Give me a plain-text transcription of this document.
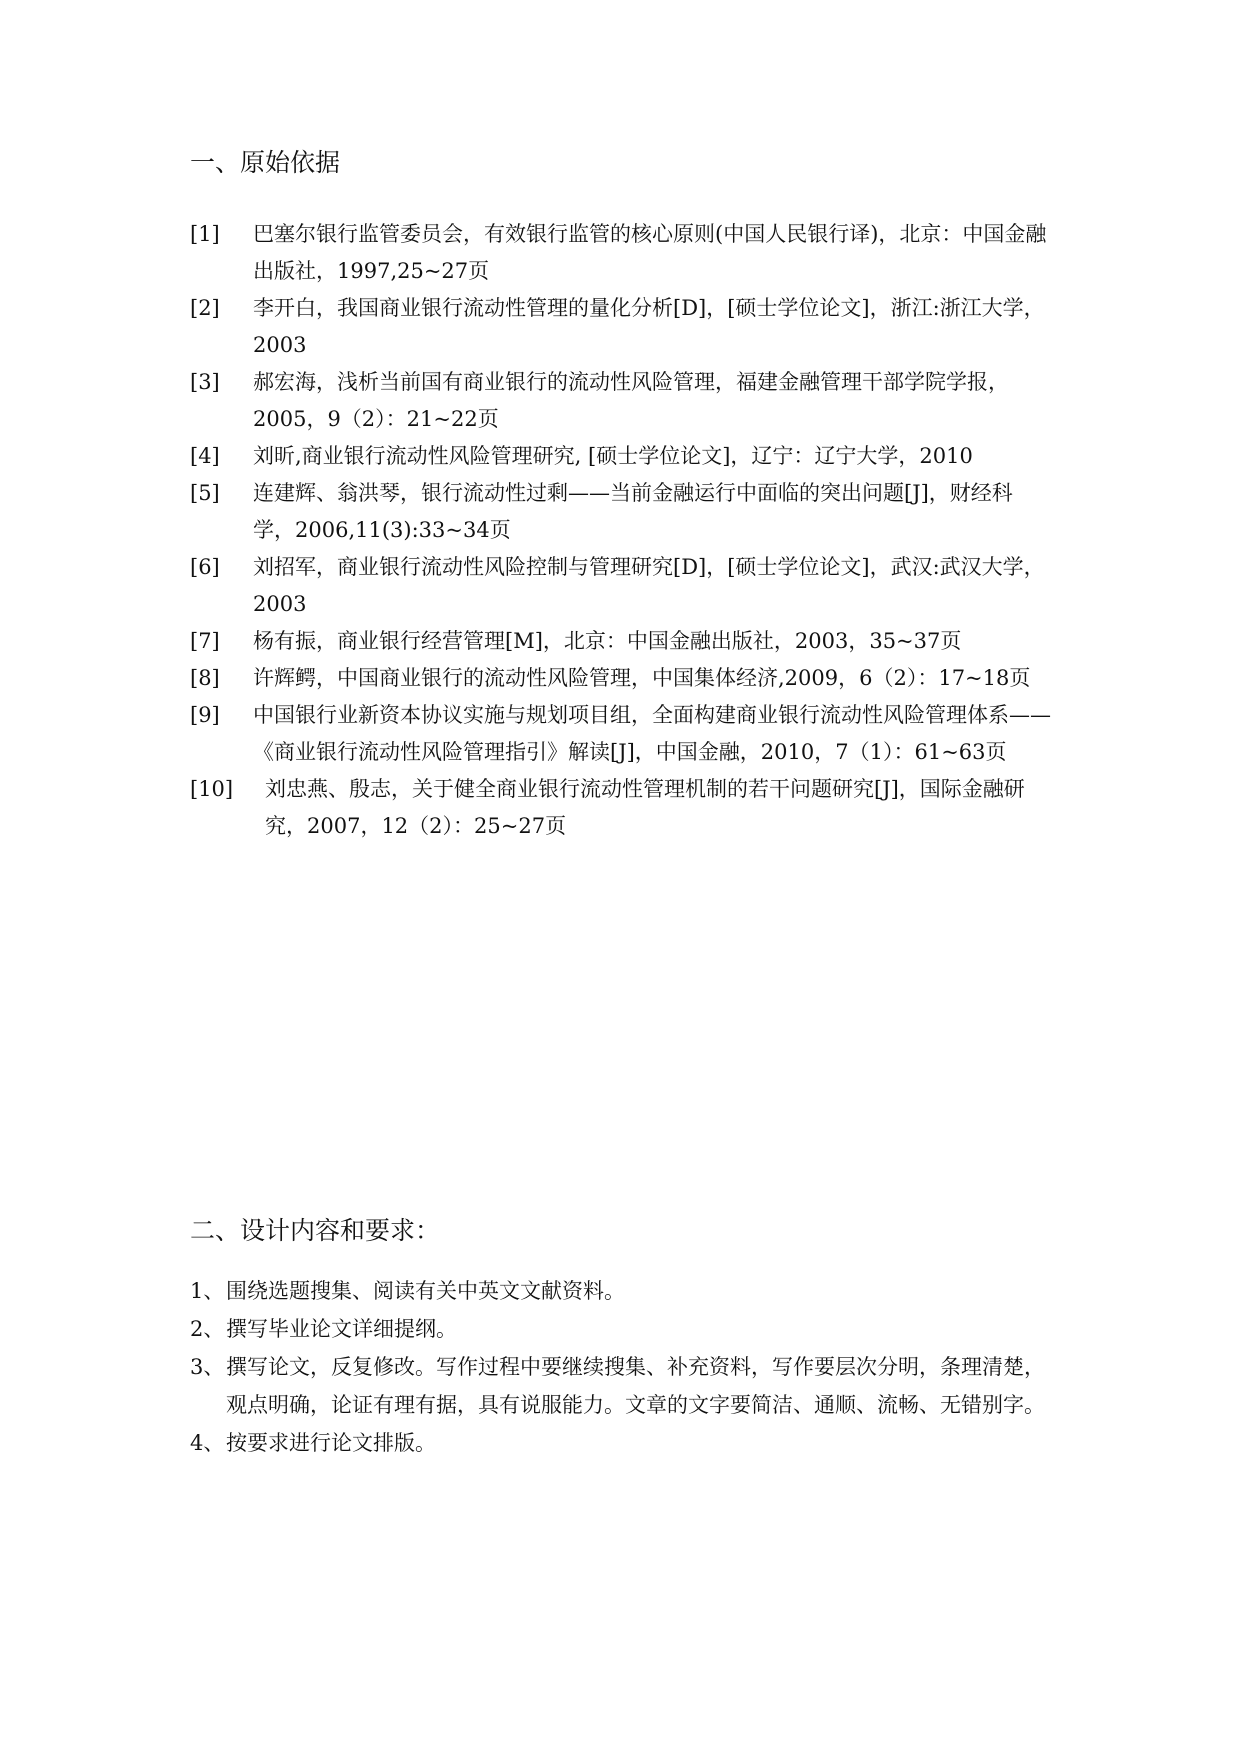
一、原始依据
[1] 巴塞尔银行监管委员会，有效银行监管的核心原则(中国人民银行译)，北京：中国金融出版社，1997,25~27页
[2] 李开白，我国商业银行流动性管理的量化分析[D]，[硕士学位论文]，浙江:浙江大学，2003
[3] 郝宏海，浅析当前国有商业银行的流动性风险管理，福建金融管理干部学院学报，2005，9（2）：21~22页
[4] 刘昕,商业银行流动性风险管理研究, [硕士学位论文]，辽宁：辽宁大学，2010
[5] 连建辉、翁洪琴，银行流动性过剩——当前金融运行中面临的突出问题[J]，财经科学，2006,11(3):33~34页
[6] 刘招军，商业银行流动性风险控制与管理研究[D]，[硕士学位论文]，武汉:武汉大学，2003
[7] 杨有振，商业银行经营管理[M]，北京：中国金融出版社，2003，35~37页
[8] 许辉鳄，中国商业银行的流动性风险管理，中国集体经济,2009，6（2）：17~18页
[9] 中国银行业新资本协议实施与规划项目组，全面构建商业银行流动性风险管理体系——《商业银行流动性风险管理指引》解读[J]，中国金融，2010，7（1）：61~63页
[10] 刘忠燕、殷志，关于健全商业银行流动性管理机制的若干问题研究[J]，国际金融研究，2007，12（2）：25~27页
二、设计内容和要求：
1、 围绕选题搜集、阅读有关中英文文献资料。
2、 撰写毕业论文详细提纲。
3、 撰写论文，反复修改。写作过程中要继续搜集、补充资料，写作要层次分明，条理清楚，观点明确，论证有理有据，具有说服能力。文章的文字要简洁、通顺、流畅、无错别字。
4、 按要求进行论文排版。
